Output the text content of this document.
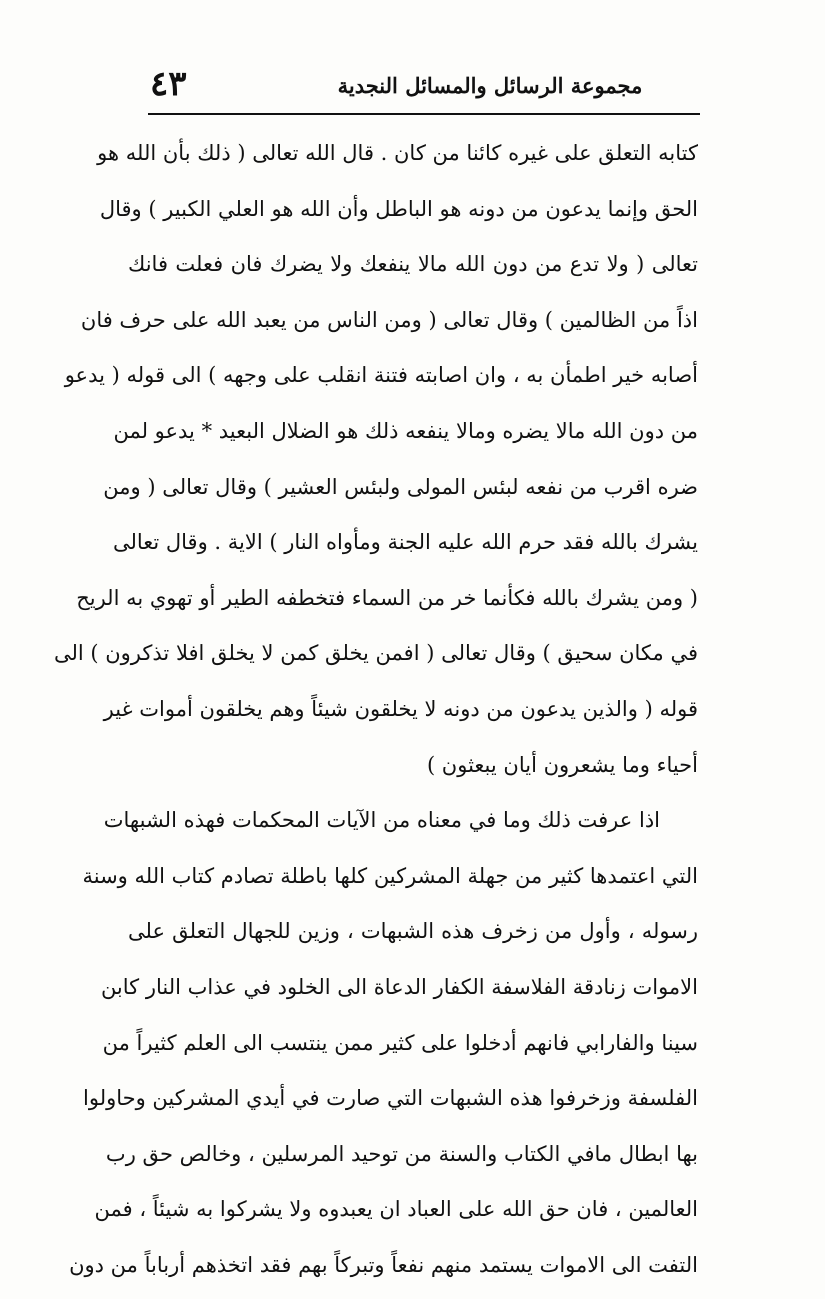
٤٣	مجموعة الرسائل والمسائل النجدية
كتابه التعلق على غيره كائنا من كان . قال الله تعالى ( ذلك بأن الله هو
الحق وإنما يدعون من دونه هو الباطل وأن الله هو العلي الكبير ) وقال
تعالى ( ولا تدع من دون الله مالا ينفعك ولا يضرك فان فعلت فانك
اذاً من الظالمين ) وقال تعالى ( ومن الناس من يعبد الله على حرف فان
أصابه خير اطمأن به ، وان اصابته فتنة انقلب على وجهه ) الى قوله ( يدعو
من دون الله مالا يضره ومالا ينفعه ذلك هو الضلال البعيد * يدعو لمن
ضره اقرب من نفعه لبئس المولى ولبئس العشير ) وقال تعالى ( ومن
يشرك بالله فقد حرم الله عليه الجنة ومأواه النار ) الاية . وقال تعالى
( ومن يشرك بالله فكأنما خر من السماء فتخطفه الطير أو تهوي به الريح
في مكان سحيق ) وقال تعالى ( افمن يخلق كمن لا يخلق افلا تذكرون ) الى
قوله ( والذين يدعون من دونه لا يخلقون شيئاً وهم يخلقون أموات غير
أحياء وما يشعرون أيان يبعثون )
اذا عرفت ذلك وما في معناه من الآيات المحكمات فهذه الشبهات
التي اعتمدها كثير من جهلة المشركين كلها باطلة تصادم كتاب الله وسنة
رسوله ، وأول من زخرف هذه الشبهات ، وزين للجهال التعلق على
الاموات زنادقة الفلاسفة الكفار الدعاة الى الخلود في عذاب النار كابن
سينا والفارابي فانهم أدخلوا على كثير ممن ينتسب الى العلم كثيراً من
الفلسفة وزخرفوا هذه الشبهات التي صارت في أيدي المشركين وحاولوا
بها ابطال مافي الكتاب والسنة من توحيد المرسلين ، وخالص حق رب
العالمين ، فان حق الله على العباد ان يعبدوه ولا يشركوا به شيئاً ، فمن
التفت الى الاموات يستمد منهم نفعاً وتبركاً بهم فقد اتخذهم أرباباً من دون
